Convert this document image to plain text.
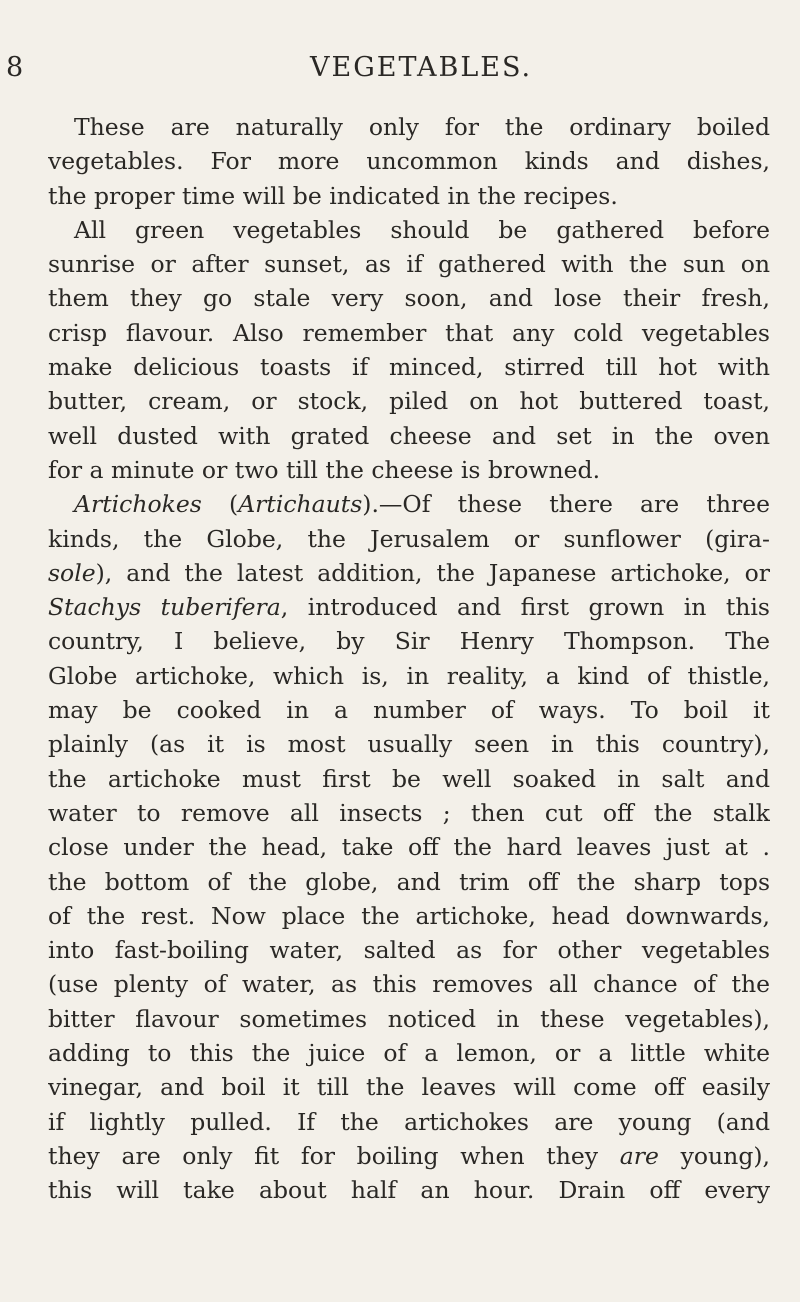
8	VEGETABLES.
These are naturally only for the ordinary boiled
vegetables. For more uncommon kinds and dishes,
the proper time will be indicated in the recipes.
All green vegetables should be gathered before
sunrise or after sunset, as if gathered with the sun on
them they go stale very soon, and lose their fresh,
crisp flavour. Also remember that any cold vegetables
make delicious toasts if minced, stirred till hot with
butter, cream, or stock, piled on hot buttered toast,
well dusted with grated cheese and set in the oven
for a minute or two till the cheese is browned.
Artichokes (Artichauts).—Of these there are three
kinds, the Globe, the Jerusalem or sunflower (gira-
sole), and the latest addition, the Japanese artichoke, or
Stachys tuberifera, introduced and first grown in this
country, I believe, by Sir Henry Thompson. The
Globe artichoke, which is, in reality, a kind of thistle,
may be cooked in a number of ways. To boil it
plainly (as it is most usually seen in this country),
the artichoke must first be well soaked in salt and
water to remove all insects ; then cut off the stalk
close under the head, take off the hard leaves just at .
the bottom of the globe, and trim off the sharp tops
of the rest. Now place the artichoke, head downwards,
into fast-boiling water, salted as for other vegetables
(use plenty of water, as this removes all chance of the
bitter flavour sometimes noticed in these vegetables),
adding to this the juice of a lemon, or a little white
vinegar, and boil it till the leaves will come off easily
if lightly pulled. If the artichokes are young (and
they are only fit for boiling when they are young),
this will take about half an hour. Drain off every
